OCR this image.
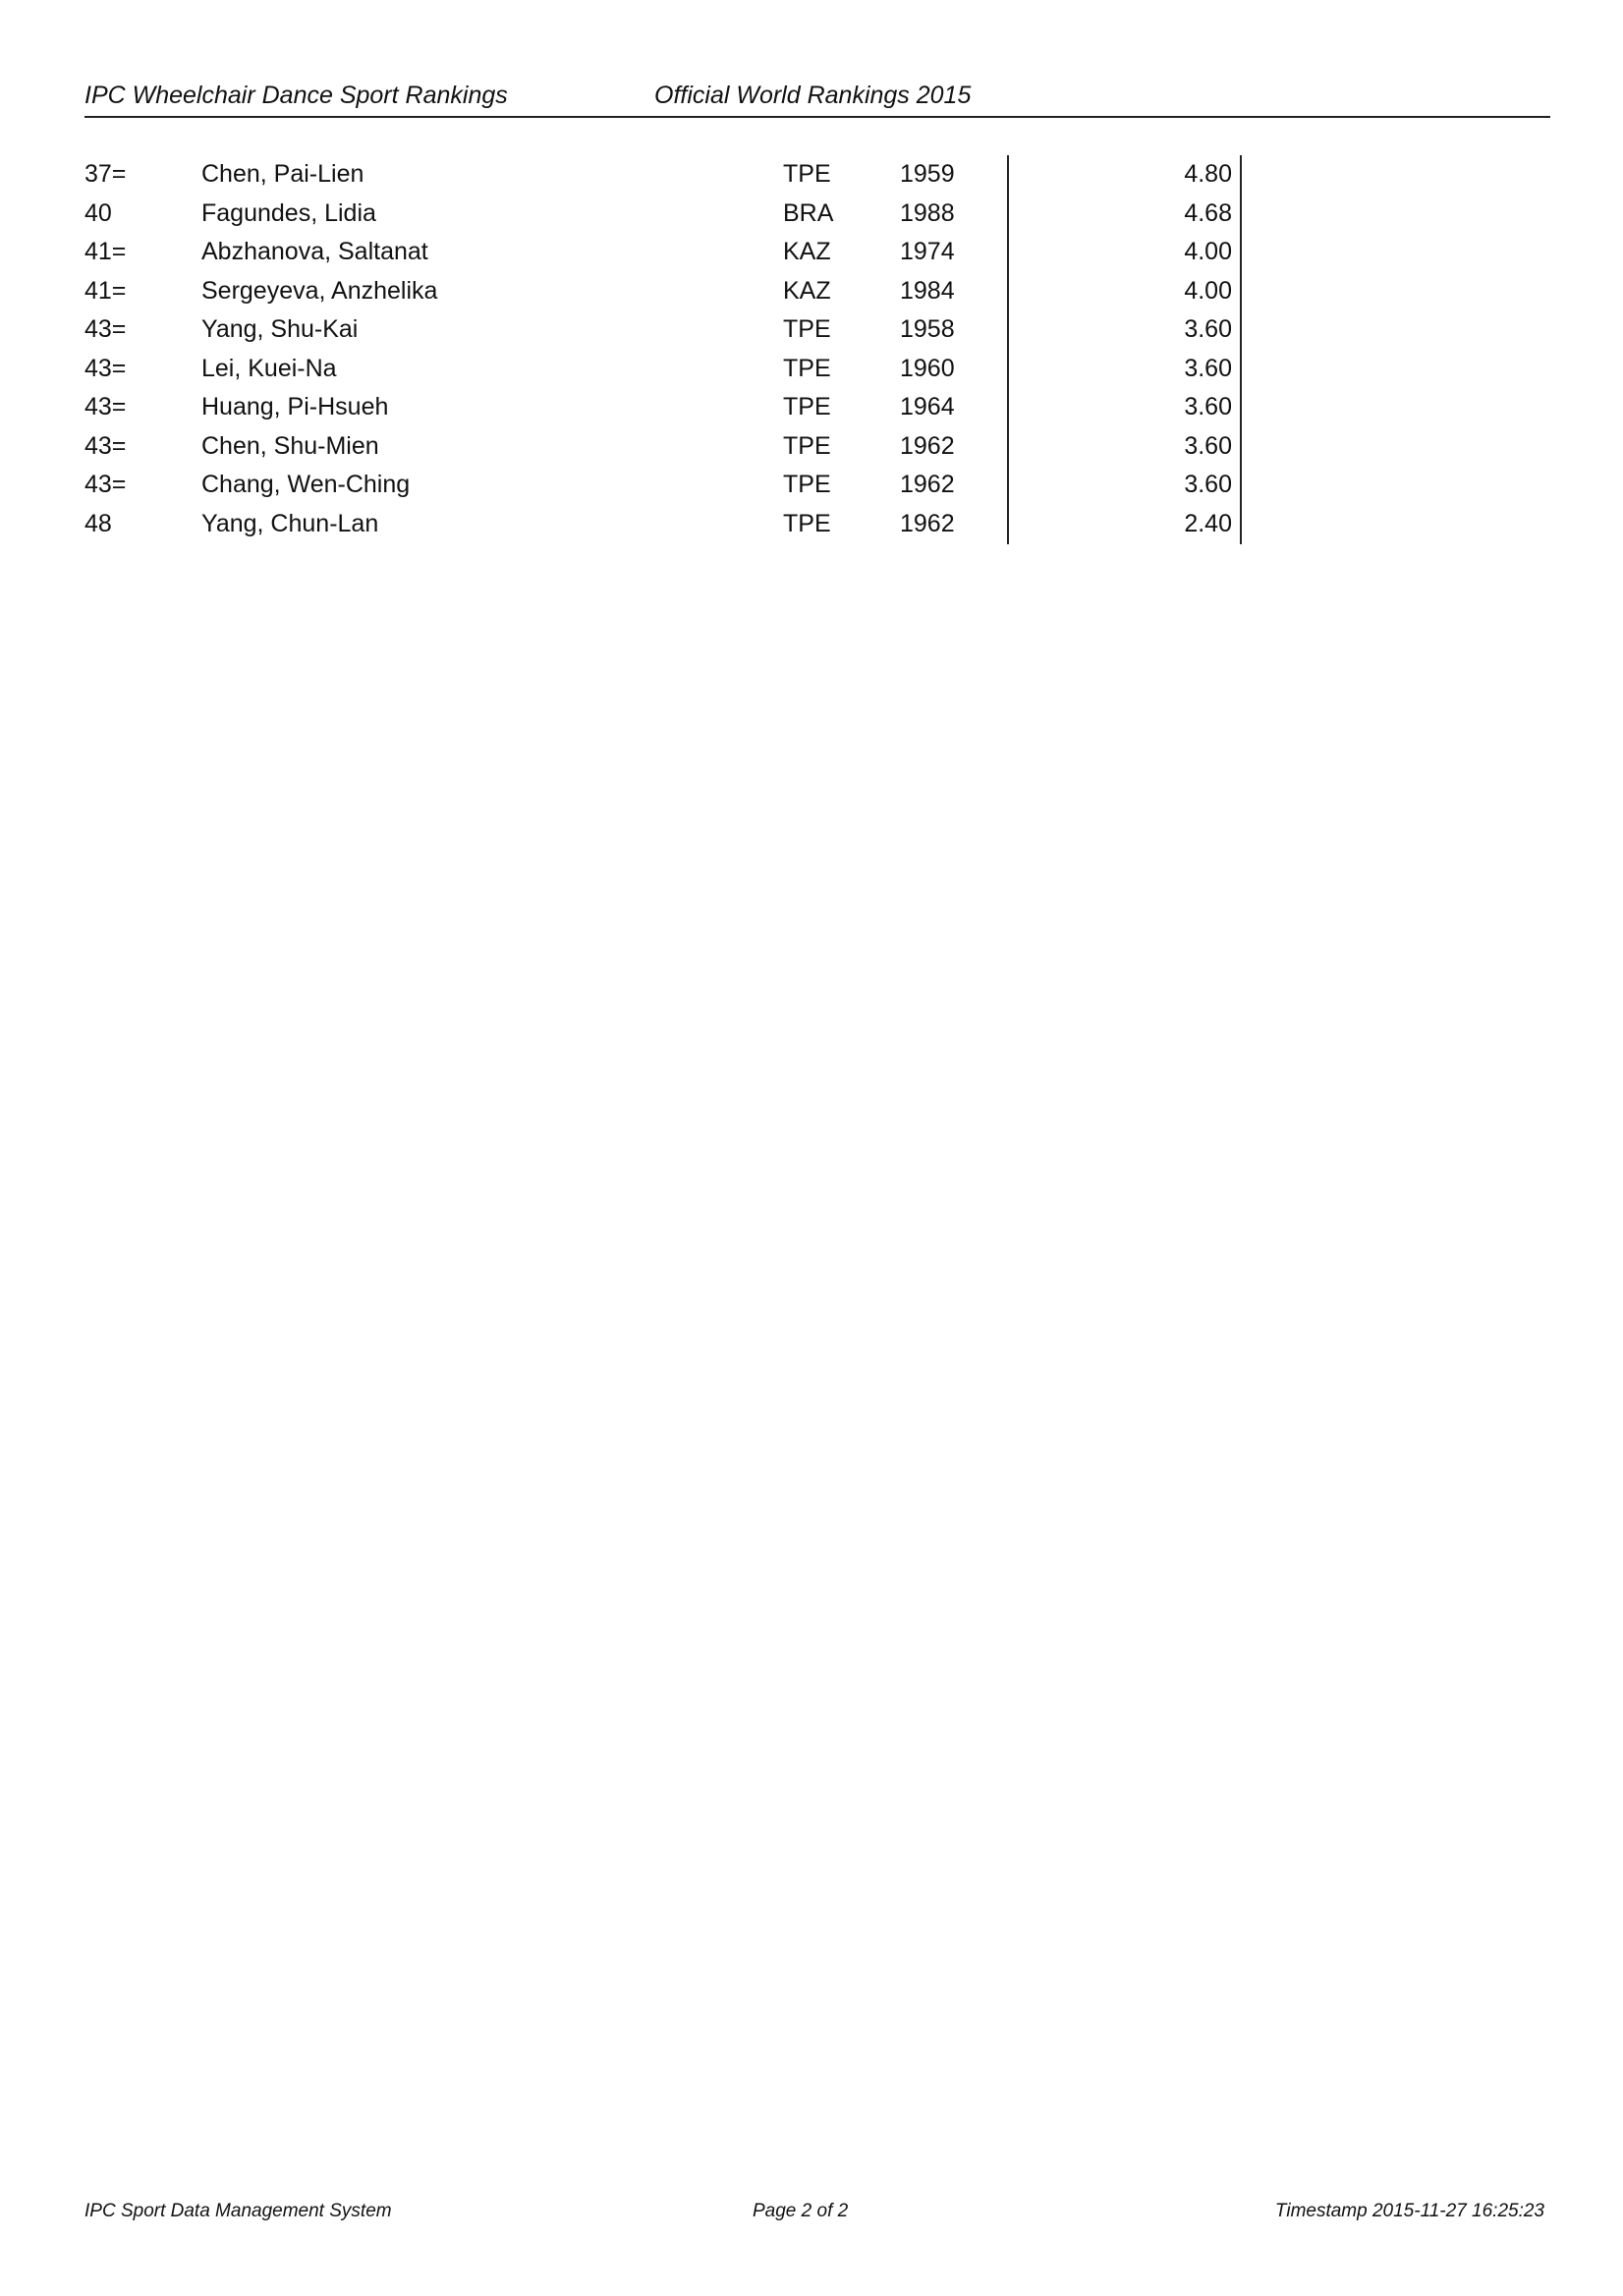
IPC Wheelchair Dance Sport Rankings	Official World Rankings 2015
37=	Chen, Pai-Lien	TPE	1959	4.80
40	Fagundes, Lidia	BRA	1988	4.68
41=	Abzhanova, Saltanat	KAZ	1974	4.00
41=	Sergeyeva, Anzhelika	KAZ	1984	4.00
43=	Yang, Shu-Kai	TPE	1958	3.60
43=	Lei, Kuei-Na	TPE	1960	3.60
43=	Huang, Pi-Hsueh	TPE	1964	3.60
43=	Chen, Shu-Mien	TPE	1962	3.60
43=	Chang, Wen-Ching	TPE	1962	3.60
48	Yang, Chun-Lan	TPE	1962	2.40
IPC Sport Data Management System	Page 2 of 2	Timestamp 2015-11-27 16:25:23
